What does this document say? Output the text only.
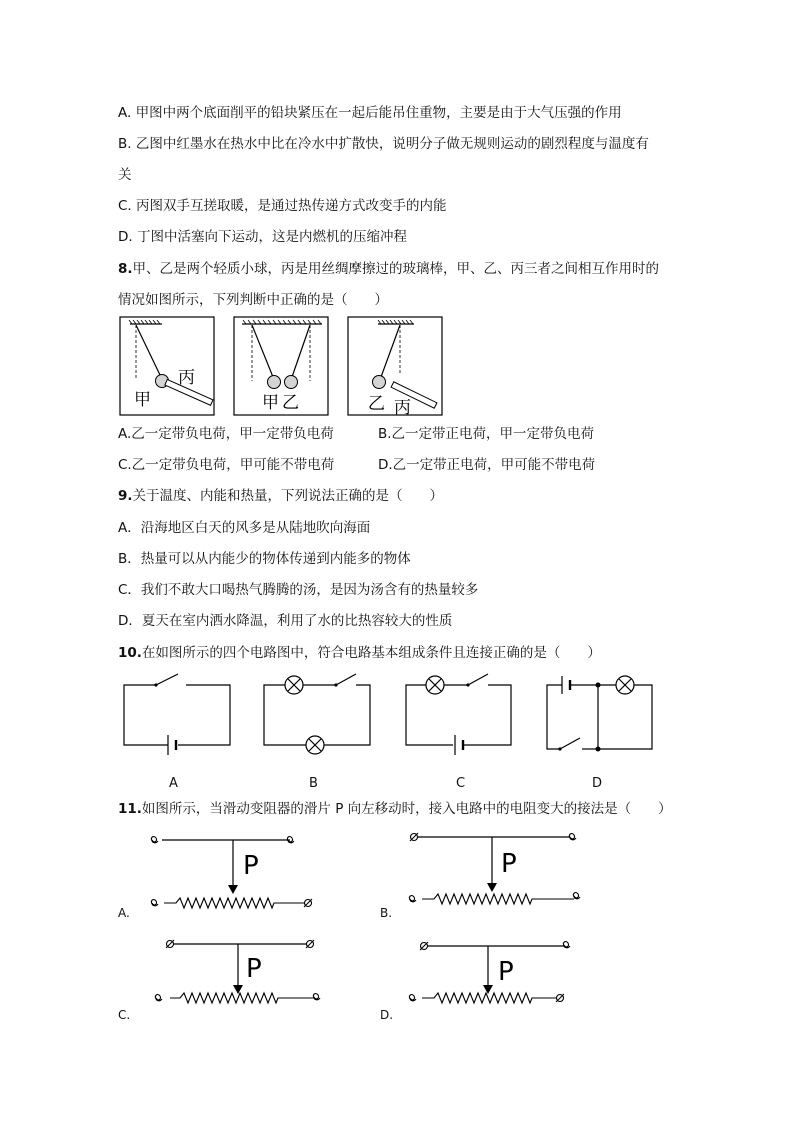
A. 甲图中两个底面削平的铅块紧压在一起后能吊住重物，主要是由于大气压强的作用
B. 乙图中红墨水在热水中比在冷水中扩散快，说明分子做无规则运动的剧烈程度与温度有
关
C. 丙图双手互搓取暖，是通过热传递方式改变手的内能
D. 丁图中活塞向下运动，这是内燃机的压缩冲程
8.甲、乙是两个轻质小球，丙是用丝绸摩擦过的玻璃棒，甲、乙、丙三者之间相互作用时的
情况如图所示，下列判断中正确的是（　　）
丙
甲	甲 乙	乙 丙
A.乙一定带负电荷，甲一定带负电荷	B.乙一定带正电荷，甲一定带负电荷
C.乙一定带负电荷，甲可能不带电荷	D.乙一定带正电荷，甲可能不带电荷
9.关于温度、内能和热量，下列说法正确的是（　　）
A．沿海地区白天的风多是从陆地吹向海面
B．热量可以从内能少的物体传递到内能多的物体
C．我们不敢大口喝热气腾腾的汤，是因为汤含有的热量较多
D．夏天在室内洒水降温，利用了水的比热容较大的性质
10.在如图所示的四个电路图中，符合电路基本组成条件且连接正确的是（　　）
A	B	C	D
11.如图所示，当滑动变阻器的滑片 P 向左移动时，接入电路中的电阻变大的接法是（　　）
P	P
P	P
A.	B.
C.	D.
